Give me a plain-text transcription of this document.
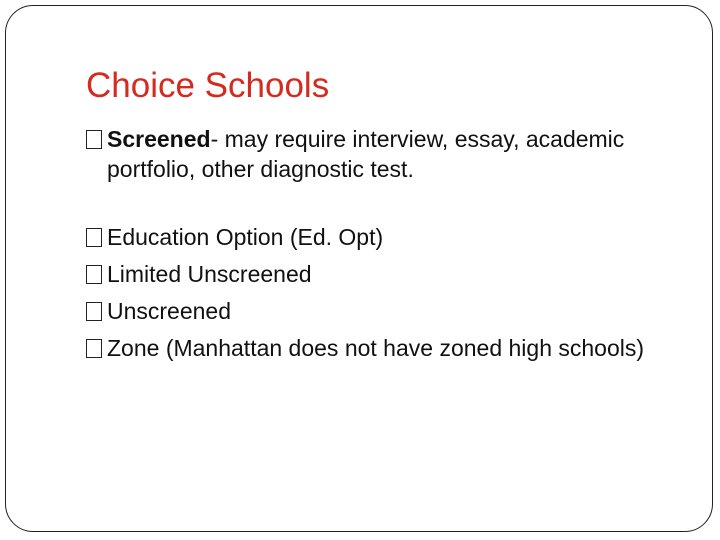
Choice Schools
Screened- may require interview, essay, academic portfolio, other diagnostic test.
Education Option (Ed. Opt)
Limited Unscreened
Unscreened
Zone (Manhattan does not have zoned high schools)
